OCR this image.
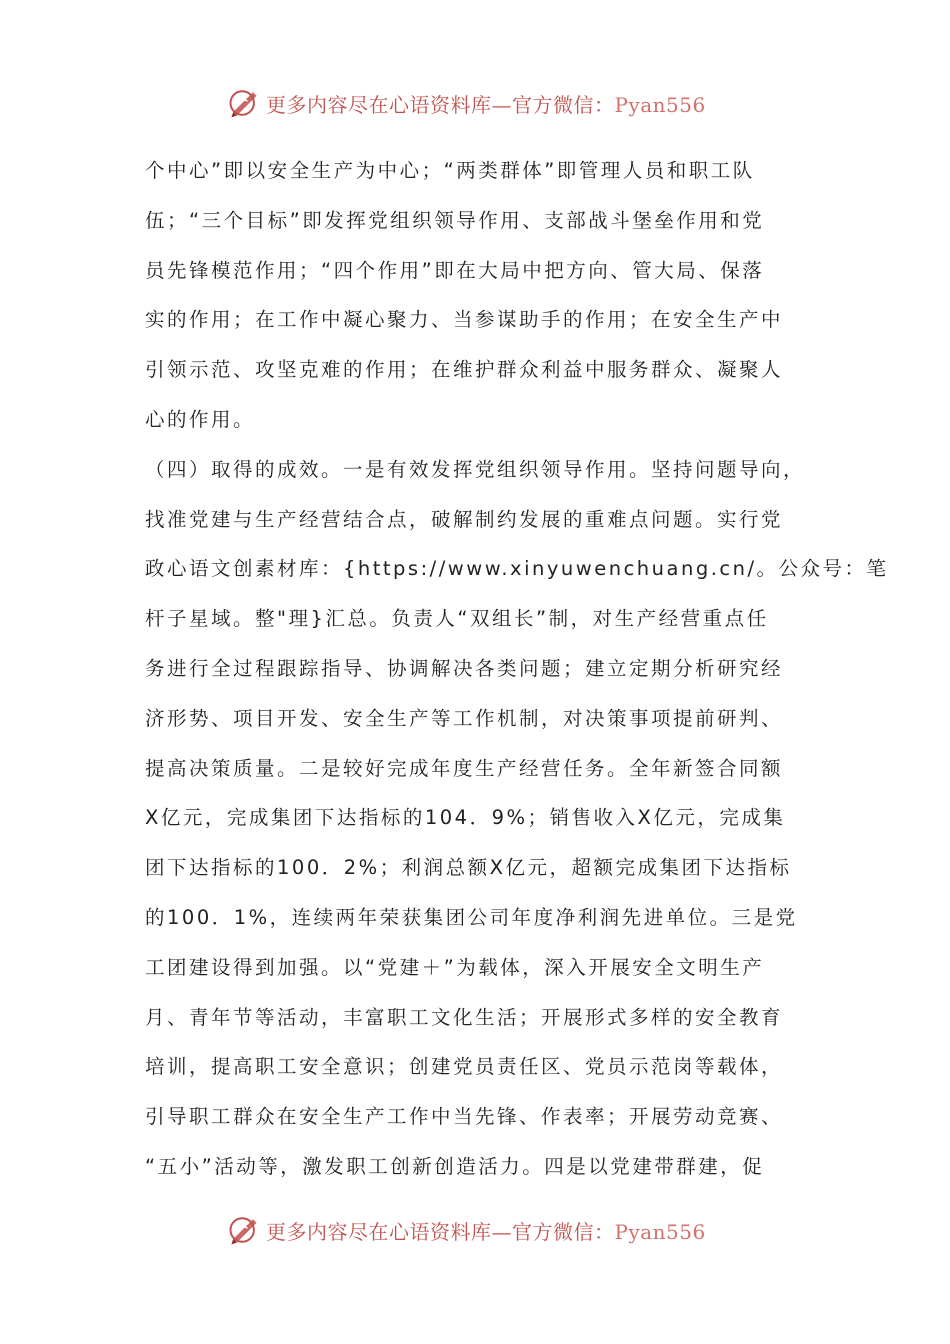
更多内容尽在心语资料库—官方微信：Pyan556
个中心”即以安全生产为中心；“两类群体”即管理人员和职工队
伍；“三个目标”即发挥党组织领导作用、支部战斗堡垒作用和党
员先锋模范作用；“四个作用”即在大局中把方向、管大局、保落
实的作用；在工作中凝心聚力、当参谋助手的作用；在安全生产中
引领示范、攻坚克难的作用；在维护群众利益中服务群众、凝聚人
心的作用。
（四）取得的成效。一是有效发挥党组织领导作用。坚持问题导向，
找准党建与生产经营结合点，破解制约发展的重难点问题。实行党
政心语文创素材库：{https://www.xinyuwenchuang.cn/。公众号：笔
杆子星域。整"理}汇总。负责人“双组长”制，对生产经营重点任
务进行全过程跟踪指导、协调解决各类问题；建立定期分析研究经
济形势、项目开发、安全生产等工作机制，对决策事项提前研判、
提高决策质量。二是较好完成年度生产经营任务。全年新签合同额
X亿元，完成集团下达指标的104．9%；销售收入X亿元，完成集
团下达指标的100．2%；利润总额X亿元，超额完成集团下达指标
的100．1%，连续两年荣获集团公司年度净利润先进单位。三是党
工团建设得到加强。以“党建＋”为载体，深入开展安全文明生产
月、青年节等活动，丰富职工文化生活；开展形式多样的安全教育
培训，提高职工安全意识；创建党员责任区、党员示范岗等载体，
引导职工群众在安全生产工作中当先锋、作表率；开展劳动竞赛、
“五小”活动等，激发职工创新创造活力。四是以党建带群建，促
更多内容尽在心语资料库—官方微信：Pyan556
